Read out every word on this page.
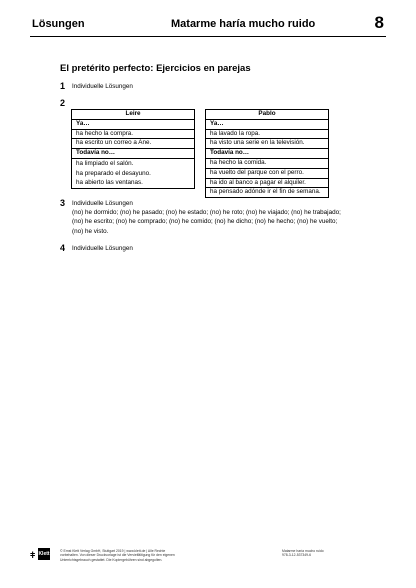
Lösungen	Matarme haría mucho ruido	8
El pretérito perfecto: Ejercicios en parejas
1 Individuelle Lösungen
2
Leire
Ya…
ha hecho la compra.
ha escrito un correo a Ane.
Todavía no…

ha limpiado el salón.
ha preparado el desayuno.
ha abierto las ventanas.
Pablo
Ya…
ha lavado la ropa.
ha visto una serie en la televisión.
Todavía no…
ha hecho la comida.
ha vuelto del parque con el perro.
ha ido al banco a pagar el alquiler.
ha pensado adónde ir el fin de semana.
3 Individuelle Lösungen
(no) he dormido; (no) he pasado; (no) he estado; (no) he roto; (no) he viajado; (no) he trabajado;
(no) he escrito; (no) he comprado; (no) he comido; (no) he dicho; (no) he hecho; (no) he vuelto;
(no) he visto.
4 Individuelle Lösungen
ǂ Klett	© Ernst Klett Verlag GmbH, Stuttgart 2019 | www.klett.de | Alle Rechte
vorbehalten. Von dieser Druckvorlage ist die Vervielfältigung für den eigenen
Unterrichtsgebrauch gestattet. Die Kopiergebühren sind abgegolten.
Matarme haría mucho ruido
978-3-12-537349-6
